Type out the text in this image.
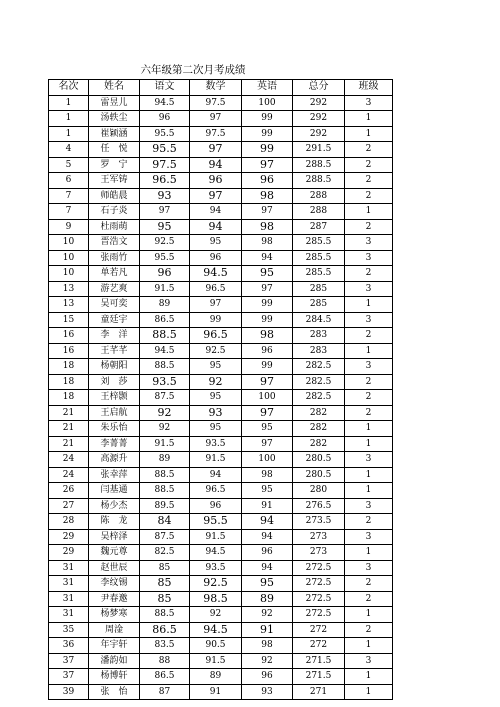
六年级第二次月考成绩
名次	姓名	语文	数学	英语	总分	班级
1	雷昱儿	94.5	97.5	100	292	3
1	汤轶尘	96	97	99	292	1
1	崔颖涵	95.5	97.5	99	292	1
4	任　悦	95.5	97	99	291.5	2
5	罗　宁	97.5	94	97	288.5	2
6	王军铸	96.5	96	96	288.5	2
7	师皓晨	93	97	98	288	2
7	石子炎	97	94	97	288	1
9	杜雨萌	95	94	98	287	2
10	晋浩文	92.5	95	98	285.5	3
10	张雨竹	95.5	96	94	285.5	3
10	单若凡	96	94.5	95	285.5	2
13	游艺爽	91.5	96.5	97	285	3
13	吴可奕	89	97	99	285	1
15	童廷宇	86.5	99	99	284.5	3
16	李　洋	88.5	96.5	98	283	2
16	王芊芊	94.5	92.5	96	283	1
18	杨朝阳	88.5	95	99	282.5	3
18	刘　莎	93.5	92	97	282.5	2
18	王梓颢	87.5	95	100	282.5	2
21	王启航	92	93	97	282	2
21	朱乐怡	92	95	95	282	1
21	李菁菁	91.5	93.5	97	282	1
24	高源升	89	91.5	100	280.5	3
24	张幸萍	88.5	94	98	280.5	1
26	闫基通	88.5	96.5	95	280	1
27	杨少杰	89.5	96	91	276.5	3
28	陈　龙	84	95.5	94	273.5	2
29	吴梓泽	87.5	91.5	94	273	3
29	魏元尊	82.5	94.5	96	273	1
31	赵世辰	85	93.5	94	272.5	3
31	李纹锡	85	92.5	95	272.5	2
31	尹春邀	85	98.5	89	272.5	2
31	杨梦寒	88.5	92	92	272.5	1
35	周淦	86.5	94.5	91	272	2
36	年宇轩	83.5	90.5	98	272	1
37	潘韵如	88	91.5	92	271.5	3
37	杨博轩	86.5	89	96	271.5	1
39	张　怡	87	91	93	271	1
